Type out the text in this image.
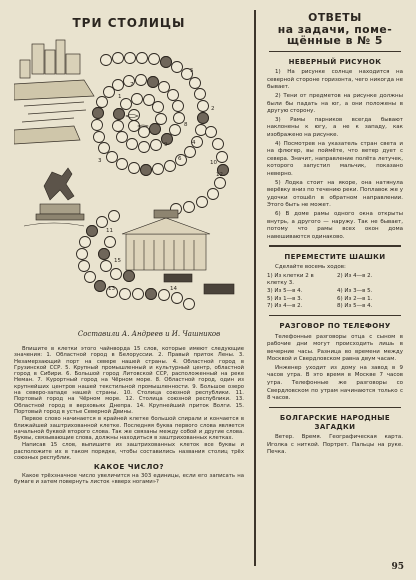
ТРИ СТОЛИЦЫ
1
2
3
4
5
6
7
8
9
10
11
12
13	14
15
Составили А. Андреев и И. Чашников

Впишите в клетки этого чайнворда 15 слов, которые имеют следующие значения: 1. Областной город в Белоруссии. 2. Правый приток Лены. 3. Незамерзающий порт на севере нашей страны. 4. Областной город в Грузинской ССР. 5. Крупный промышленный и культурный центр, областной город в Сибири. 6. Большой город Литовской ССР, расположенный на реке Неман. 7. Курортный город на Чёрном море. 8. Областной город, один из крупнейших центров нашей текстильной промышленности. 9. Большое озеро на северо-западе нашей страны. 10. Столица союзной республики. 11. Портовый город на Чёрном море. 12. Столица союзной республики. 13. Областной город в верховьях Днепра. 14. Крупнейший приток Волги. 15. Портовый город в устье Северной Двины.

Первое слово начинается в крайней клетке большой спирали и кончается в ближайшей заштрихованной клетке. Последняя буква первого слова является начальной буквой второго слова. Так же связаны между собой и другие слова. Буквы, связывающие слова, должны находиться в заштрихованных клетках.

Написав 15 слов, выпишите из заштрихованных клеток все буквы и расположите их в таком порядке, чтобы составились названия столиц трёх союзных республик.

КАКОЕ ЧИСЛО?

Какое трёхзначное число увеличится на 303 единицы, если его записать на бумаге и затем повернуть листок «вверх ногами»?

ОТВЕТЫ
на задачи, поме-
щённые в № 5
НЕВЕРНЫЙ РИСУНОК

1) На рисунке солнце находится на северной стороне горизонта, чего никогда не бывает.

2) Тени от предметов на рисунке должны были бы падать на юг, а они положены в другую сторону.

3) Рамы парников всегда бывают наклонены к югу, а не к западу, как изображено на рисунке.

4) Посмотрев на указатель стран света и на флюгер, вы поймёте, что ветер дует с севера. Значит, направление полёта летучек, которого запустил мальчик, показано неверно.

5) Лодка стоит на якоре, она натянула верёвку вниз по течению реки. Поплавок же у удочки отошёл в обратном направлении. Этого быть не может.

6) В доме рамы одного окна открыты внутрь, а другого — наружу. Так не бывает, потому что рамы всех окон дома навешиваются одинаково.

ПЕРЕМЕСТИТЕ ШАШКИ

Сделайте восемь ходов:

1) Из клетки 2 в клетку 3.
2) Из 4—в 2.
3) Из 5—в 4.	4) Из 3—в 5.
5) Из 1—в 3.	6) Из 2—в 1.
7) Из 4—в 2.	8) Из 5—в 4.
РАЗГОВОР ПО ТЕЛЕФОНУ

Телефонные разговоры отца с сыном в рабочие дни могут происходить лишь в вечерние часы. Разница во времени между Москвой и Свердловском равна двум часам.

Инженер уходит из дому на завод в 9 часов утра. В это время в Москве 7 часов утра. Телефонные же разговоры со Свердловском по утрам начинаются только с 8 часов.

БОЛГАРСКИЕ НАРОДНЫЕ ЗАГАДКИ

Ветер. Время. Географическая карта. Иголка с ниткой. Портрет. Пальцы на руке. Печка.

95
